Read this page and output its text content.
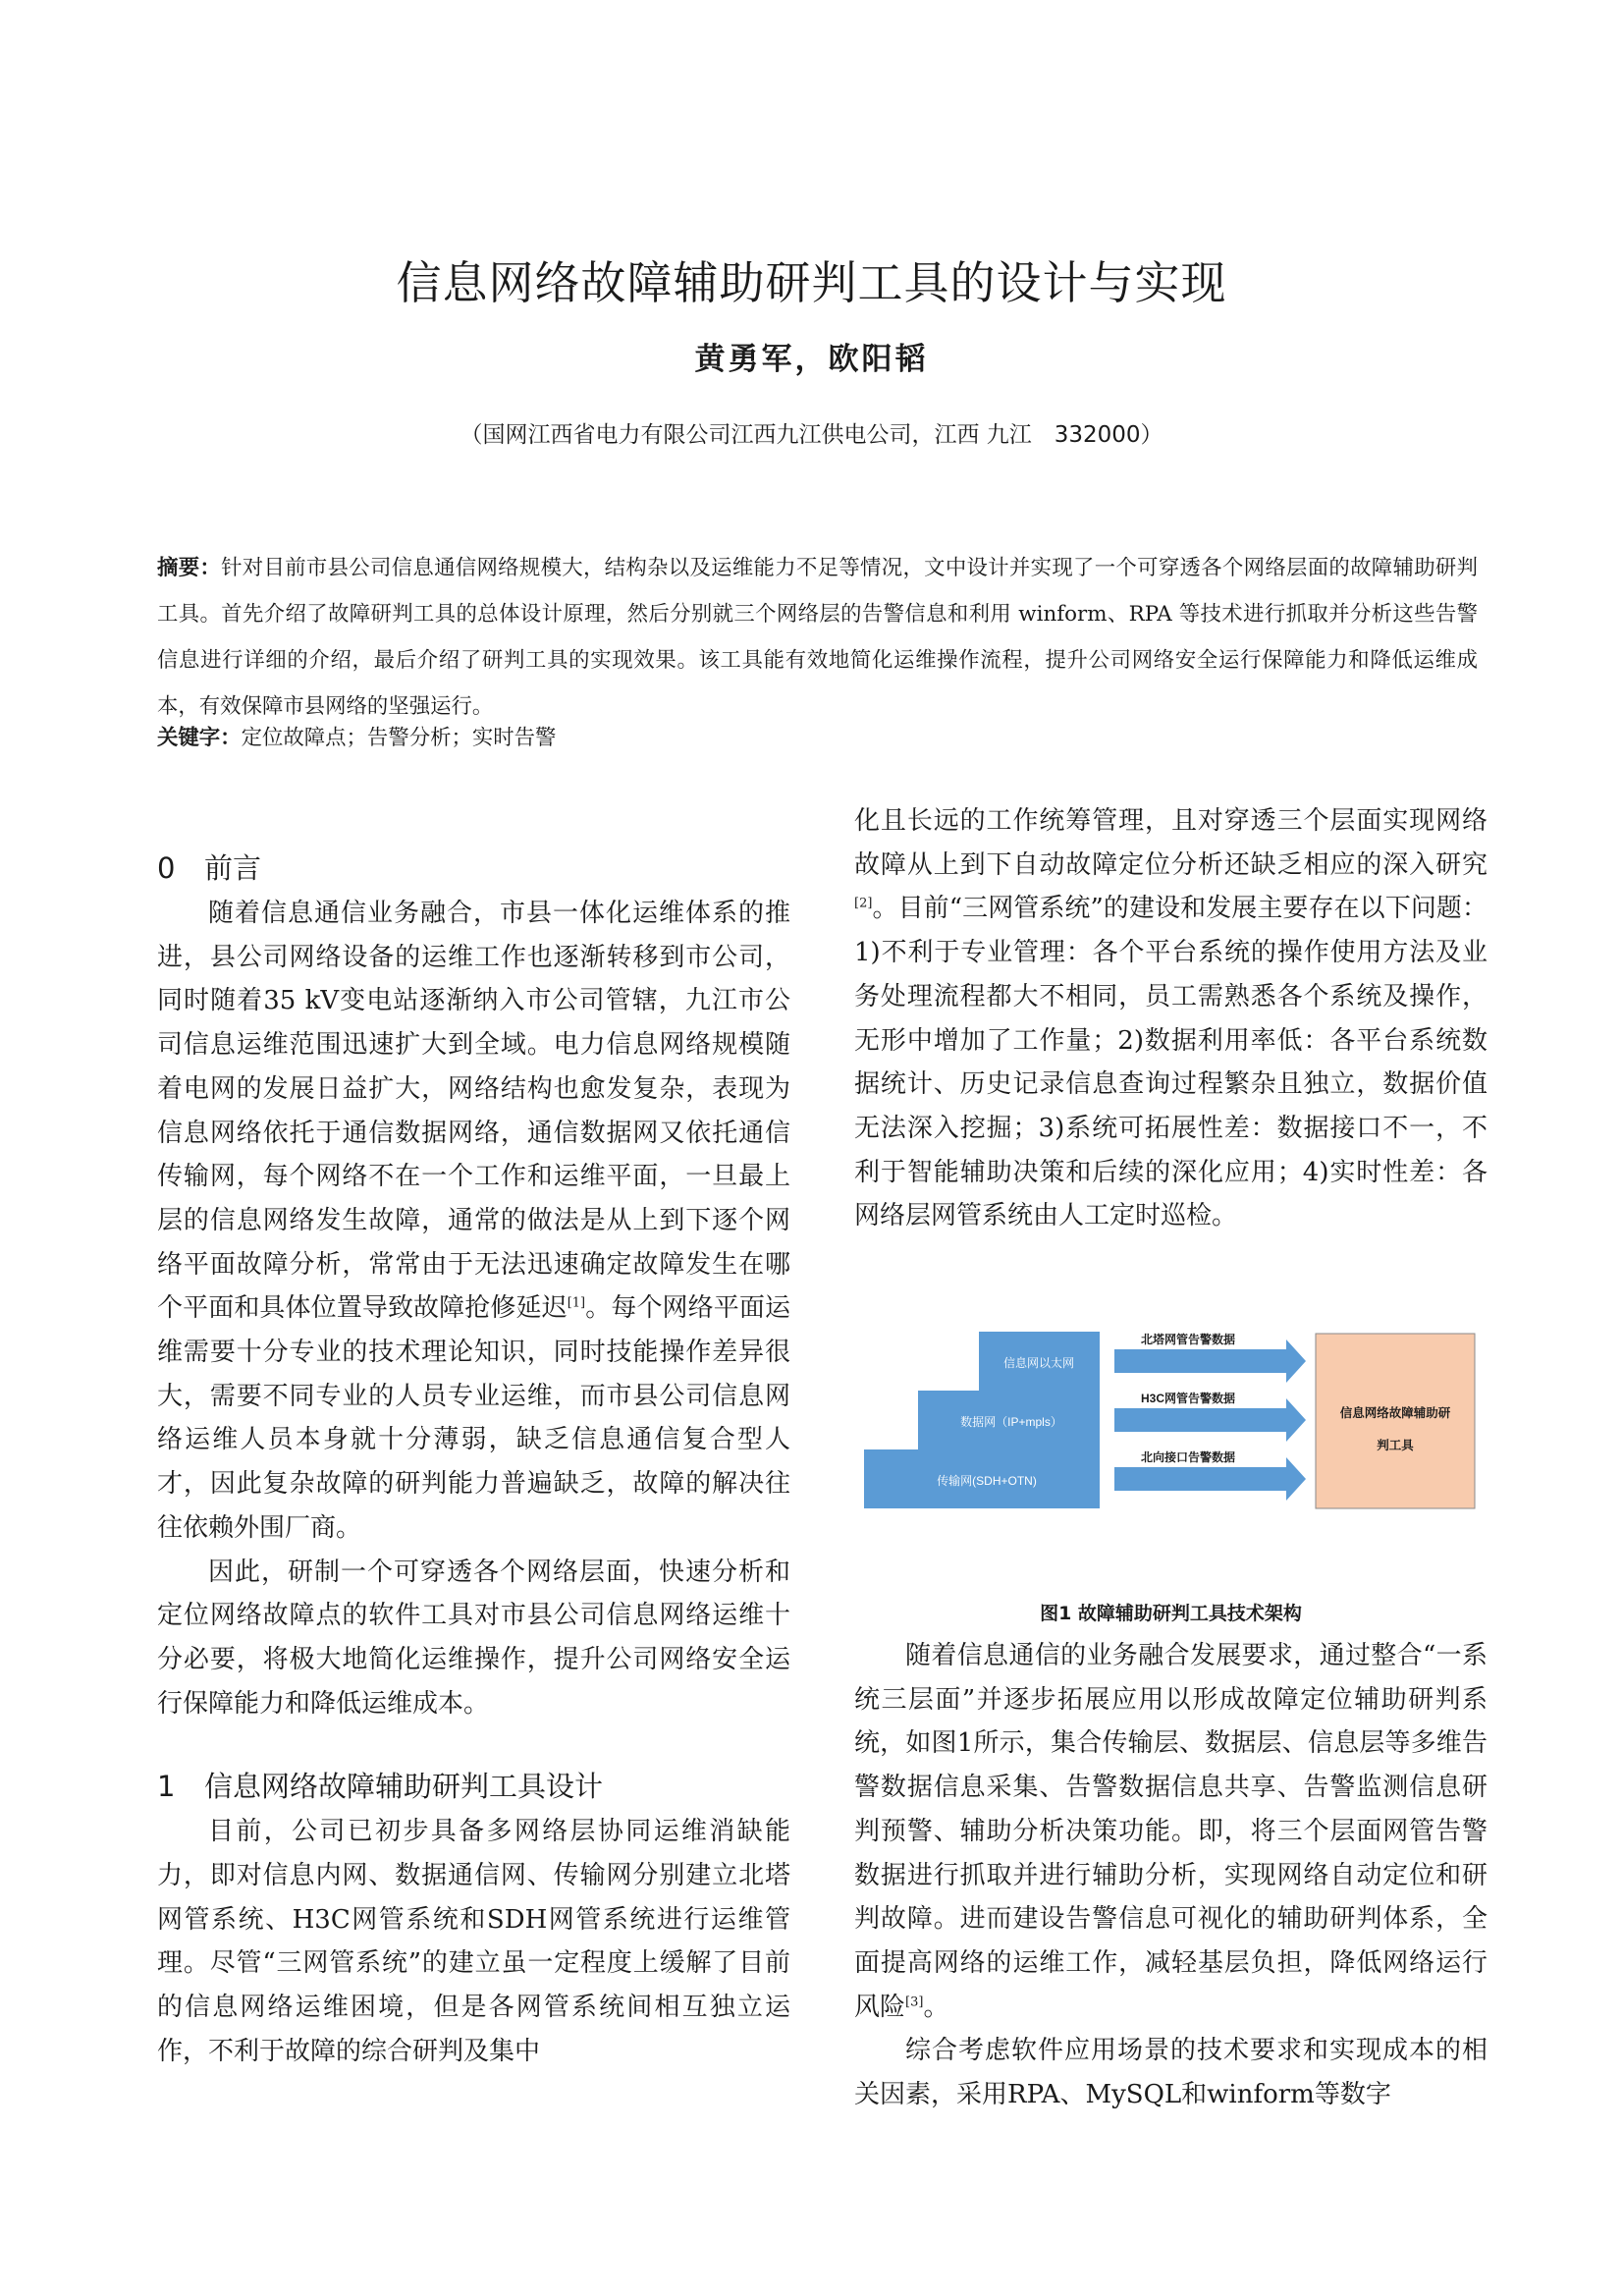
信息网络故障辅助研判工具的设计与实现
黄勇军，欧阳韬
（国网江西省电力有限公司江西九江供电公司，江西 九江　332000）

摘要：针对目前市县公司信息通信网络规模大，结构杂以及运维能力不足等情况，文中设计并实现了一个可穿透各个网络层面的故障辅助研判工具。首先介绍了故障研判工具的总体设计原理，然后分别就三个网络层的告警信息和利用 winform、RPA 等技术进行抓取并分析这些告警信息进行详细的介绍，最后介绍了研判工具的实现效果。该工具能有效地简化运维操作流程，提升公司网络安全运行保障能力和降低运维成本，有效保障市县网络的坚强运行。

关键字：定位故障点；告警分析；实时告警

0 前言

随着信息通信业务融合，市县一体化运维体系的推进，县公司网络设备的运维工作也逐渐转移到市公司，同时随着35 kV变电站逐渐纳入市公司管辖，九江市公司信息运维范围迅速扩大到全域。电力信息网络规模随着电网的发展日益扩大，网络结构也愈发复杂，表现为信息网络依托于通信数据网络，通信数据网又依托通信传输网，每个网络不在一个工作和运维平面，一旦最上层的信息网络发生故障，通常的做法是从上到下逐个网络平面故障分析，常常由于无法迅速确定故障发生在哪个平面和具体位置导致故障抢修延迟[1]。每个网络平面运维需要十分专业的技术理论知识，同时技能操作差异很大，需要不同专业的人员专业运维，而市县公司信息网络运维人员本身就十分薄弱，缺乏信息通信复合型人才，因此复杂故障的研判能力普遍缺乏，故障的解决往往依赖外围厂商。

因此，研制一个可穿透各个网络层面，快速分析和定位网络故障点的软件工具对市县公司信息网络运维十分必要，将极大地简化运维操作，提升公司网络安全运行保障能力和降低运维成本。

1 信息网络故障辅助研判工具设计

目前，公司已初步具备多网络层协同运维消缺能力，即对信息内网、数据通信网、传输网分别建立北塔网管系统、H3C网管系统和SDH网管系统进行运维管理。尽管“三网管系统”的建立虽一定程度上缓解了目前的信息网络运维困境，但是各网管系统间相互独立运作，不利于故障的综合研判及集中

化且长远的工作统筹管理，且对穿透三个层面实现网络故障从上到下自动故障定位分析还缺乏相应的深入研究[2]。目前“三网管系统”的建设和发展主要存在以下问题：1)不利于专业管理：各个平台系统的操作使用方法及业务处理流程都大不相同，员工需熟悉各个系统及操作，无形中增加了工作量；2)数据利用率低：各平台系统数据统计、历史记录信息查询过程繁杂且独立，数据价值无法深入挖掘；3)系统可拓展性差：数据接口不一，不利于智能辅助决策和后续的深化应用；4)实时性差：各网络层网管系统由人工定时巡检。

信息网以太网
数据网（IP+mpls）
传输网(SDH+OTN)
北塔网管告警数据
H3C网管告警数据
北向接口告警数据
信息网络故障辅助研
判工具

图1 故障辅助研判工具技术架构

随着信息通信的业务融合发展要求，通过整合“一系统三层面”并逐步拓展应用以形成故障定位辅助研判系统，如图1所示，集合传输层、数据层、信息层等多维告警数据信息采集、告警数据信息共享、告警监测信息研判预警、辅助分析决策功能。即，将三个层面网管告警数据进行抓取并进行辅助分析，实现网络自动定位和研判故障。进而建设告警信息可视化的辅助研判体系，全面提高网络的运维工作，减轻基层负担，降低网络运行风险[3]。

综合考虑软件应用场景的技术要求和实现成本的相关因素，采用RPA、MySQL和winform等数字
